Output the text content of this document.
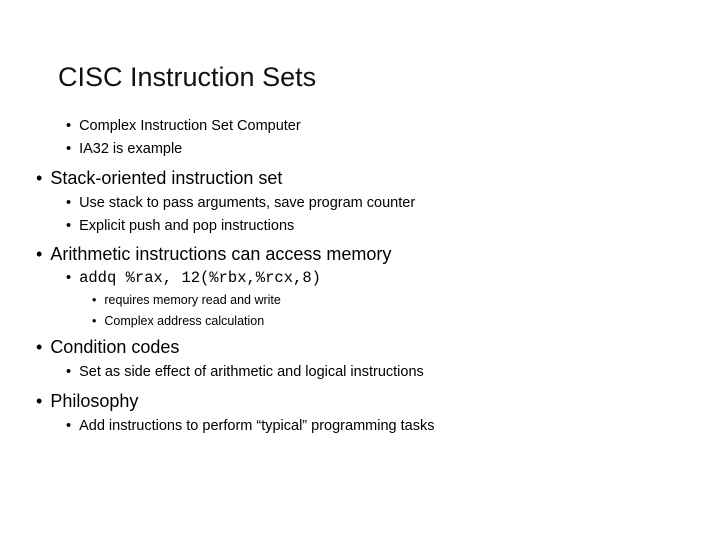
CISC Instruction Sets
• Complex Instruction Set Computer
• IA32 is example
• Stack-oriented instruction set
• Use stack to pass arguments, save program counter
• Explicit push and pop instructions
• Arithmetic instructions can access memory
• addq %rax, 12(%rbx,%rcx,8)
• requires memory read and write
• Complex address calculation
• Condition codes
• Set as side effect of arithmetic and logical instructions
• Philosophy
• Add instructions to perform “typical” programming tasks
